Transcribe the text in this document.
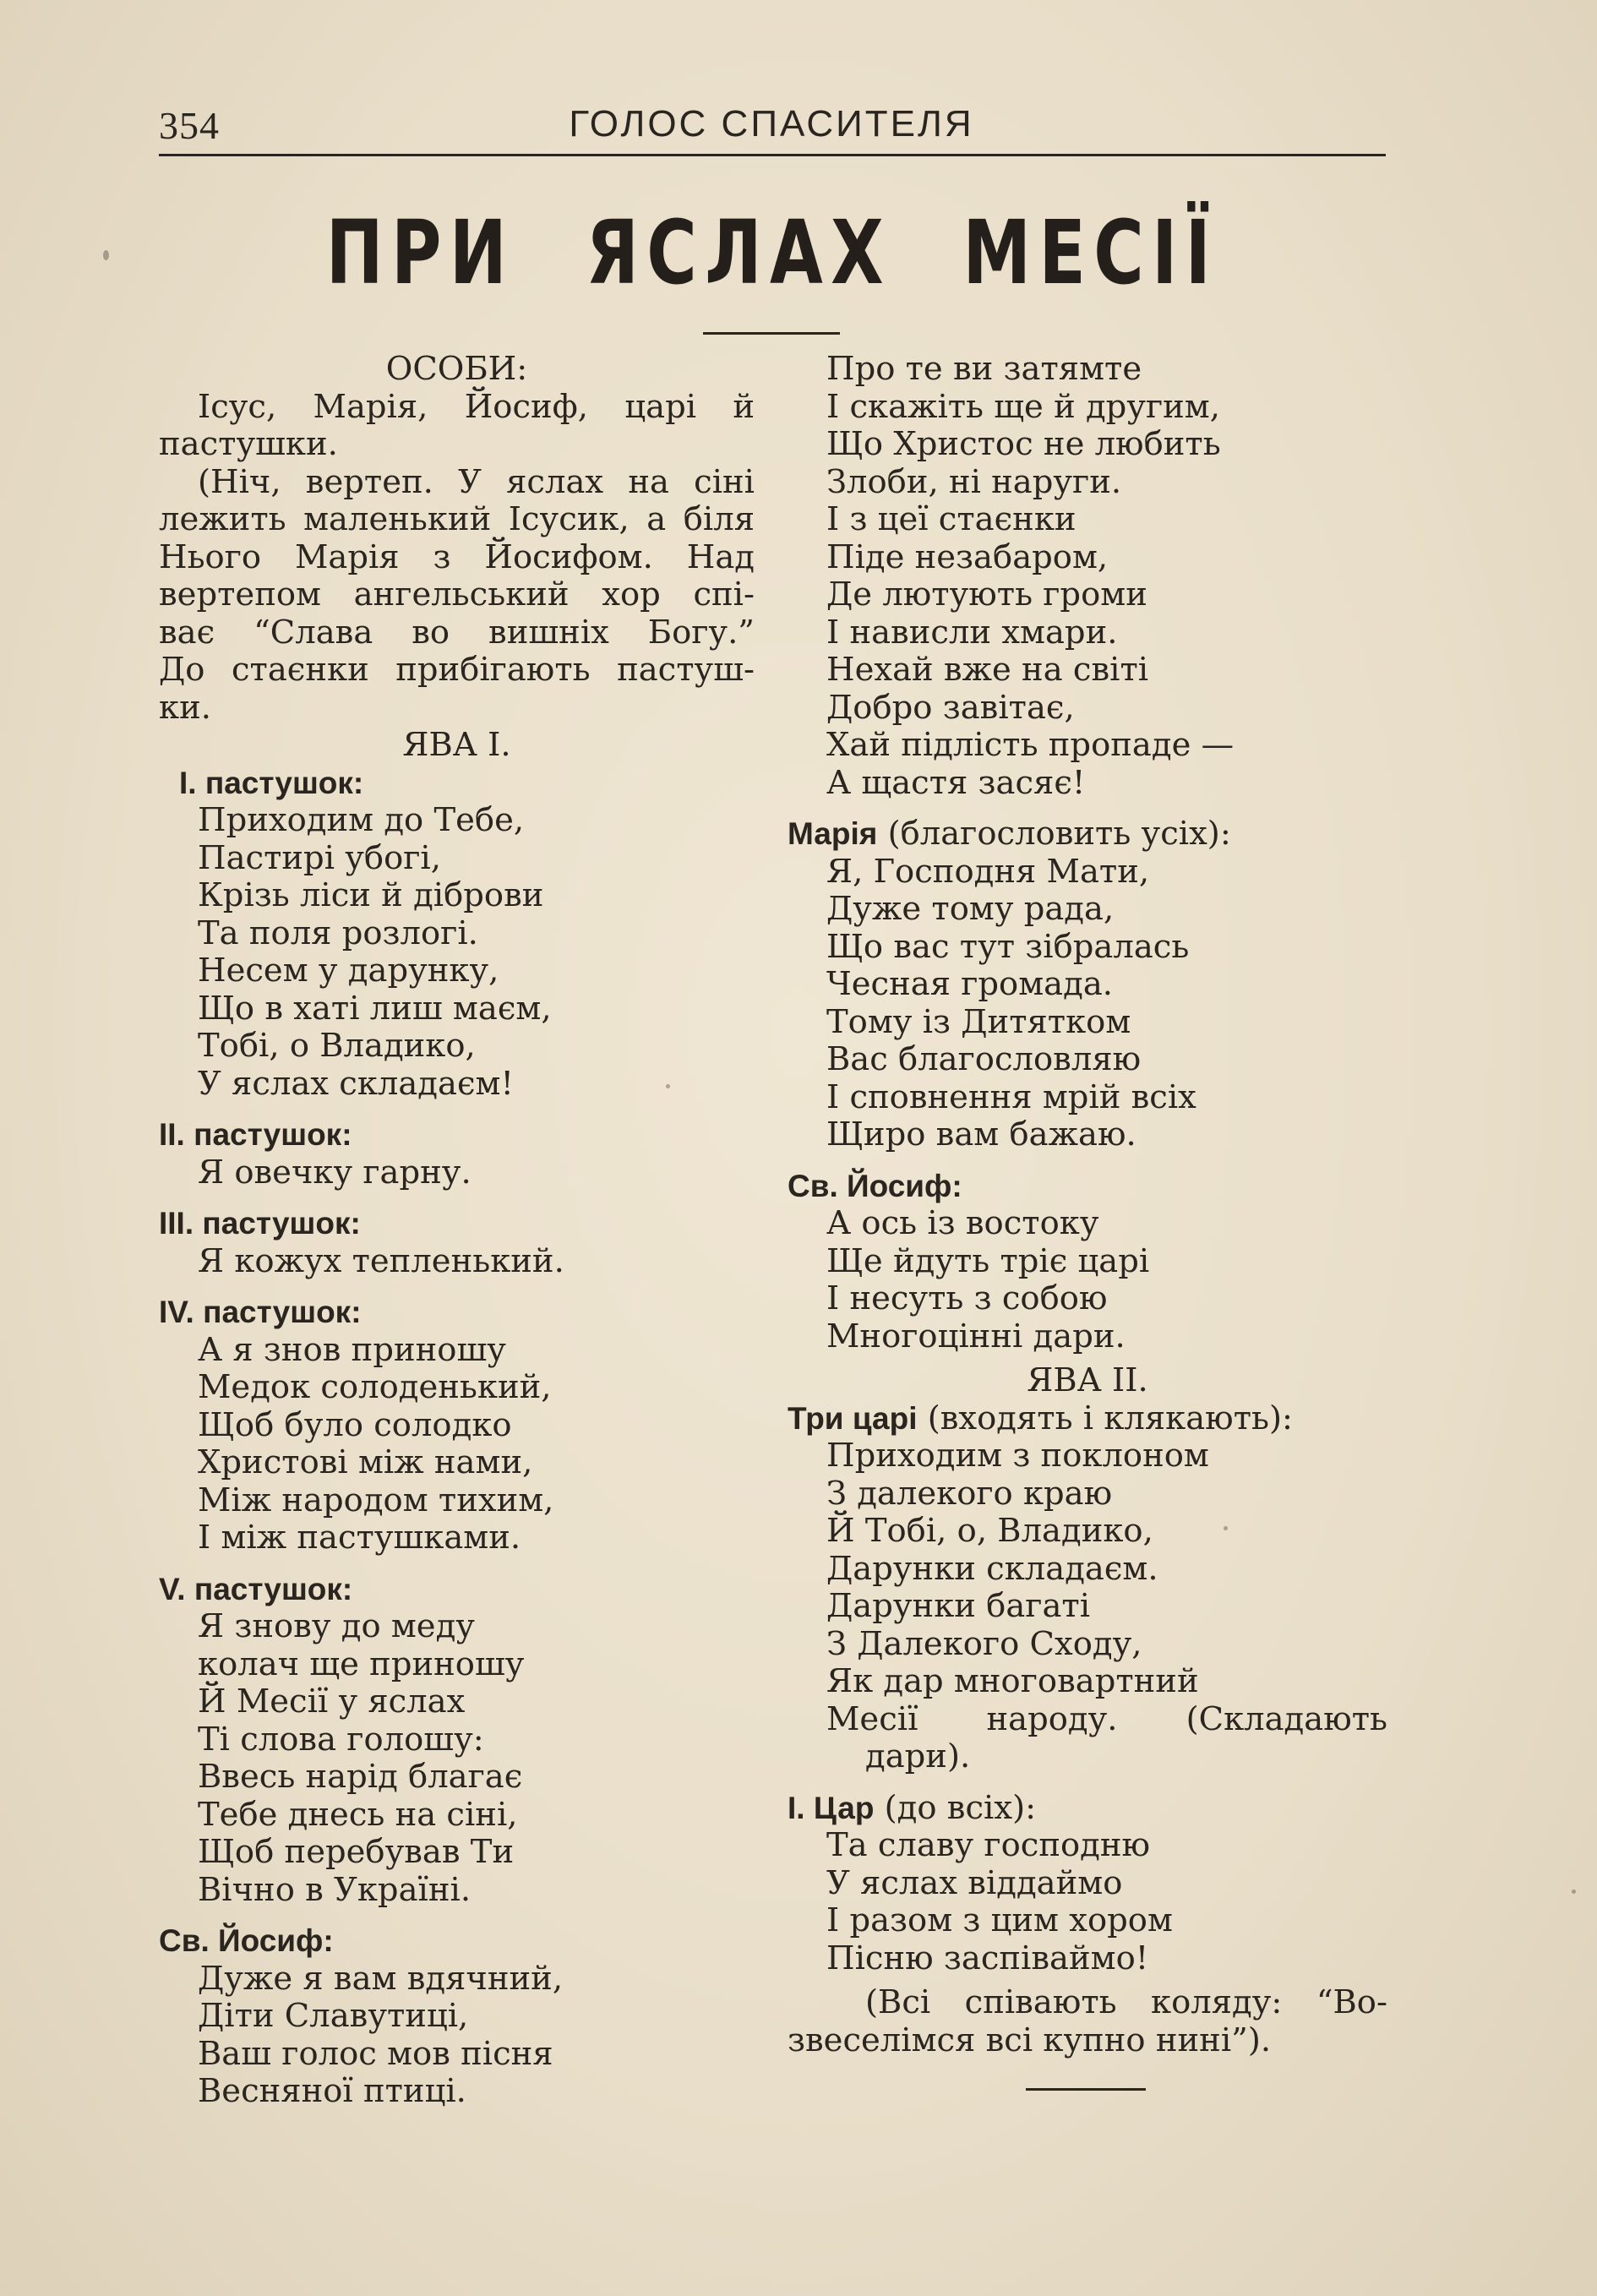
354	ГОЛОС СПАСИТЕЛЯ
ПРИ ЯСЛАХ МЕСІЇ
ОСОБИ:
Ісус, Марія, Йосиф, царі й
пастушки.
(Ніч, вертеп. У яслах на сіні
лежить маленький Ісусик, а біля
Нього Марія з Йосифом. Над
вертепом ангельський хор спі-
ває “Слава во вишніх Богу.”
До стаєнки прибігають пастуш-
ки.
ЯВА І.
І. пастушок:
Приходим до Тебе,
Пастирі убогі,
Крізь ліси й діброви
Та поля розлогі.
Несем у дарунку,
Що в хаті лиш маєм,
Тобі, о Владико,
У яслах складаєм!
ІІ. пастушок:
Я овечку гарну.
ІІІ. пастушок:
Я кожух тепленький.
IV. пастушок:
А я знов приношу
Медок солоденький,
Щоб було солодко
Христові між нами,
Між народом тихим,
І між пастушками.
V. пастушок:
Я знову до меду
колач ще приношу
Й Месії у яслах
Ті слова голошу:
Ввесь нарід благає
Тебе днесь на сіні,
Щоб перебував Ти
Вічно в Україні.
Св. Йосиф:
Дуже я вам вдячний,
Діти Славутиці,
Ваш голос мов пісня
Весняної птиці.
Про те ви затямте
І скажіть ще й другим,
Що Христос не любить
Злоби, ні наруги.
І з цеї стаєнки
Піде незабаром,
Де лютують громи
І нависли хмари.
Нехай вже на світі
Добро завітає,
Хай підлість пропаде —
А щастя засяє!
Марія (благословить усіх):
Я, Господня Мати,
Дуже тому рада,
Що вас тут зібралась
Чесная громада.
Тому із Дитятком
Вас благословляю
І сповнення мрій всіх
Щиро вам бажаю.
Св. Йосиф:
А ось із востоку
Ще йдуть тріє царі
І несуть з собою
Многоцінні дари.
ЯВА ІІ.
Три царі (входять і клякають):
Приходим з поклоном
З далекого краю
Й Тобі, о, Владико,
Дарунки складаєм.
Дарунки багаті
З Далекого Сходу,
Як дар многовартний
Месії народу. (Складають
дари).
І. Цар (до всіх):
Та славу господню
У яслах віддаймо
І разом з цим хором
Пісню заспіваймо!
(Всі співають коляду: “Во-
звеселімся всі купно нині”).
